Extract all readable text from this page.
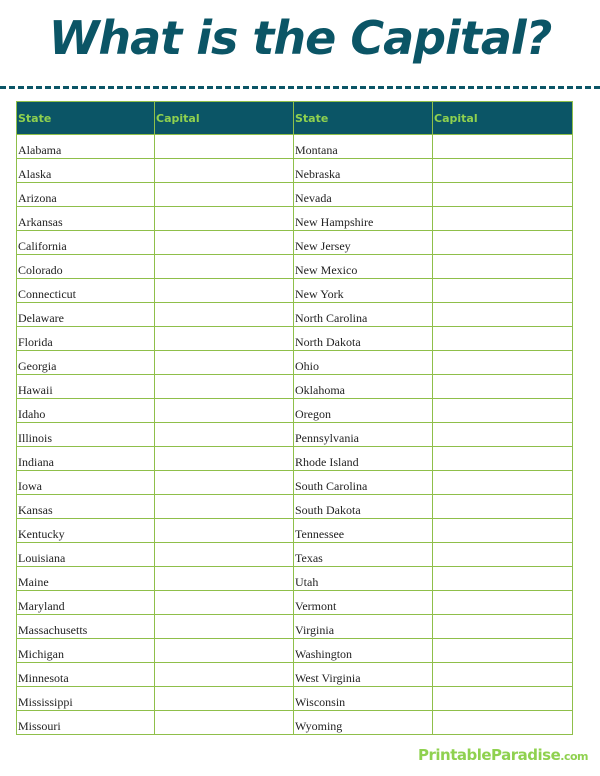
What is the Capital?
State	Capital	State	Capital
Alabama		Montana	
Alaska		Nebraska	
Arizona		Nevada	
Arkansas		New Hampshire	
California		New Jersey	
Colorado		New Mexico	
Connecticut		New York	
Delaware		North Carolina	
Florida		North Dakota	
Georgia		Ohio	
Hawaii		Oklahoma	
Idaho		Oregon	
Illinois		Pennsylvania	
Indiana		Rhode Island	
Iowa		South Carolina	
Kansas		South Dakota	
Kentucky		Tennessee	
Louisiana		Texas	
Maine		Utah	
Maryland		Vermont	
Massachusetts		Virginia	
Michigan		Washington	
Minnesota		West Virginia	
Mississippi		Wisconsin	
Missouri		Wyoming	
PrintableParadise.com
